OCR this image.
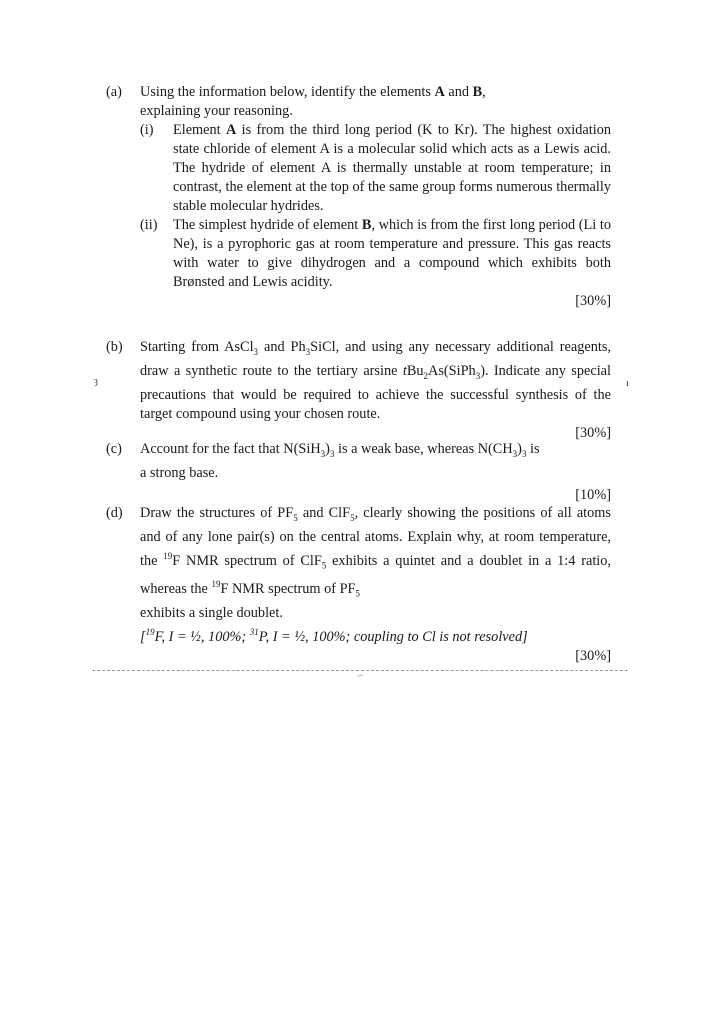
(a)	Using the information below, identify the elements A and B,
explaining your reasoning.
(i)	Element A is from the third long period (K to Kr). The highest oxidation state chloride of element A is a molecular solid which acts as a Lewis acid. The hydride of element A is thermally unstable at room temperature; in contrast, the element at the top of the same group forms numerous thermally stable molecular hydrides.
(ii)	The simplest hydride of element B, which is from the first long period (Li to Ne), is a pyrophoric gas at room temperature and pressure. This gas reacts with water to give dihydrogen and a compound which exhibits both Brønsted and Lewis acidity.
[30%]
(b)	Starting from AsCl$_3$ and $Ph_3SiCl$, and using any necessary additional reagents, draw a synthetic route to the tertiary arsine tBu$_2$As(SiPh$_3$). Indicate any special precautions that would be required to achieve the successful synthesis of the target compound using your chosen route.
[30%]
(c)	Account for the fact that $N(SiH_3)_3$ is a weak base, whereas $N(CH_3)_3$ is
a strong base.
[10%]
(d)	Draw the structures of $PF_5$ and ClF$_5$, clearly showing the positions of all atoms and of any lone pair(s) on the central atoms. Explain why, at room temperature, the $^{19}$F NMR spectrum of ClF$_5$ exhibits a quintet and a doublet in a 1:4 ratio, whereas the $^{19}$F NMR spectrum of $PF_5$
exhibits a single doublet.
[$^{19}$F, I = ½, 100%; $^{31}$P, I = ½, 100%; coupling to Cl is not resolved]
[30%]
ȝ	ı
⌐
